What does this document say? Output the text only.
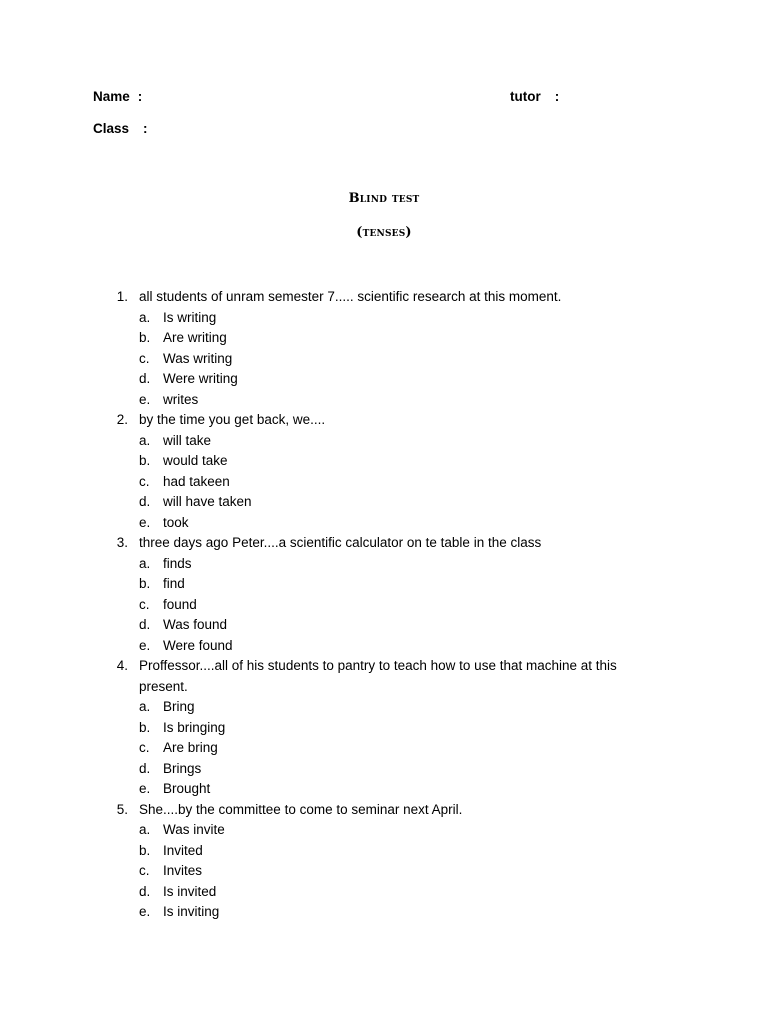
Name :	tutor :
Class :
Blind test
(tenses)
1. all students of unram semester 7..... scientific research at this moment.
a. Is writing
b. Are writing
c. Was writing
d. Were writing
e. writes
2. by the time you get back, we....
a. will take
b. would take
c. had takeen
d. will have taken
e. took
3. three days ago Peter....a scientific calculator on te table in the class
a. finds
b. find
c. found
d. Was found
e. Were found
4. Proffessor....all of his students to pantry to teach how to use that machine at this present.
a. Bring
b. Is bringing
c. Are bring
d. Brings
e. Brought
5. She....by the committee to come to seminar next April.
a. Was invite
b. Invited
c. Invites
d. Is invited
e. Is inviting
